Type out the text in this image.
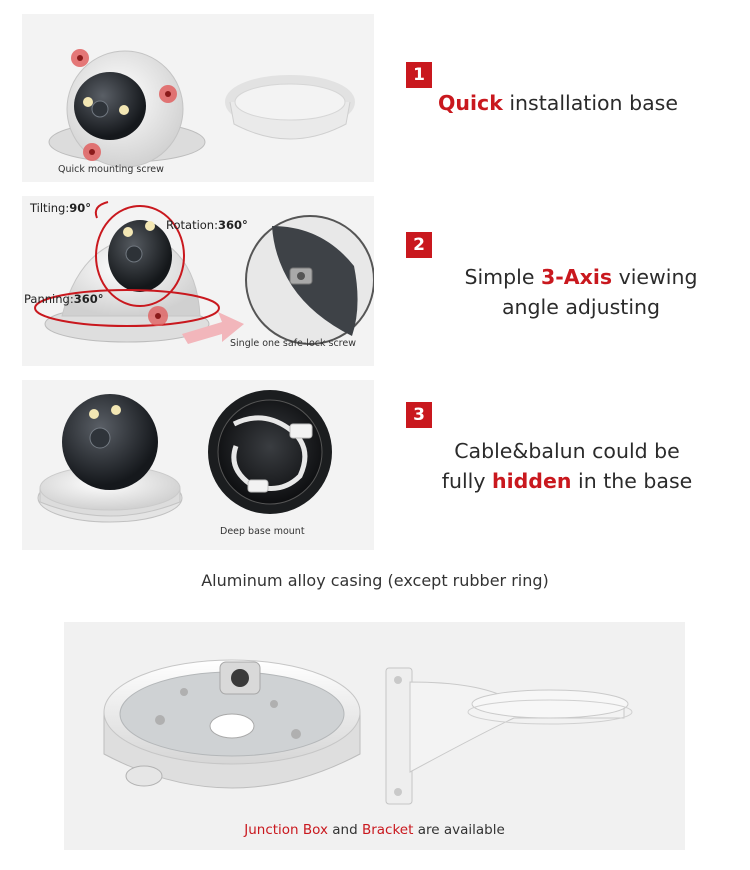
Quick mounting screw
1
Quick installation base
Tilting:90°
Rotation:360°
Panning:360°
Single one safe-lock screw
2
Simple 3-Axis viewing
angle adjusting
Deep base mount
3
Cable&balun could be
fully hidden in the base
Aluminum alloy casing (except rubber ring)
Junction Box and Bracket are available
